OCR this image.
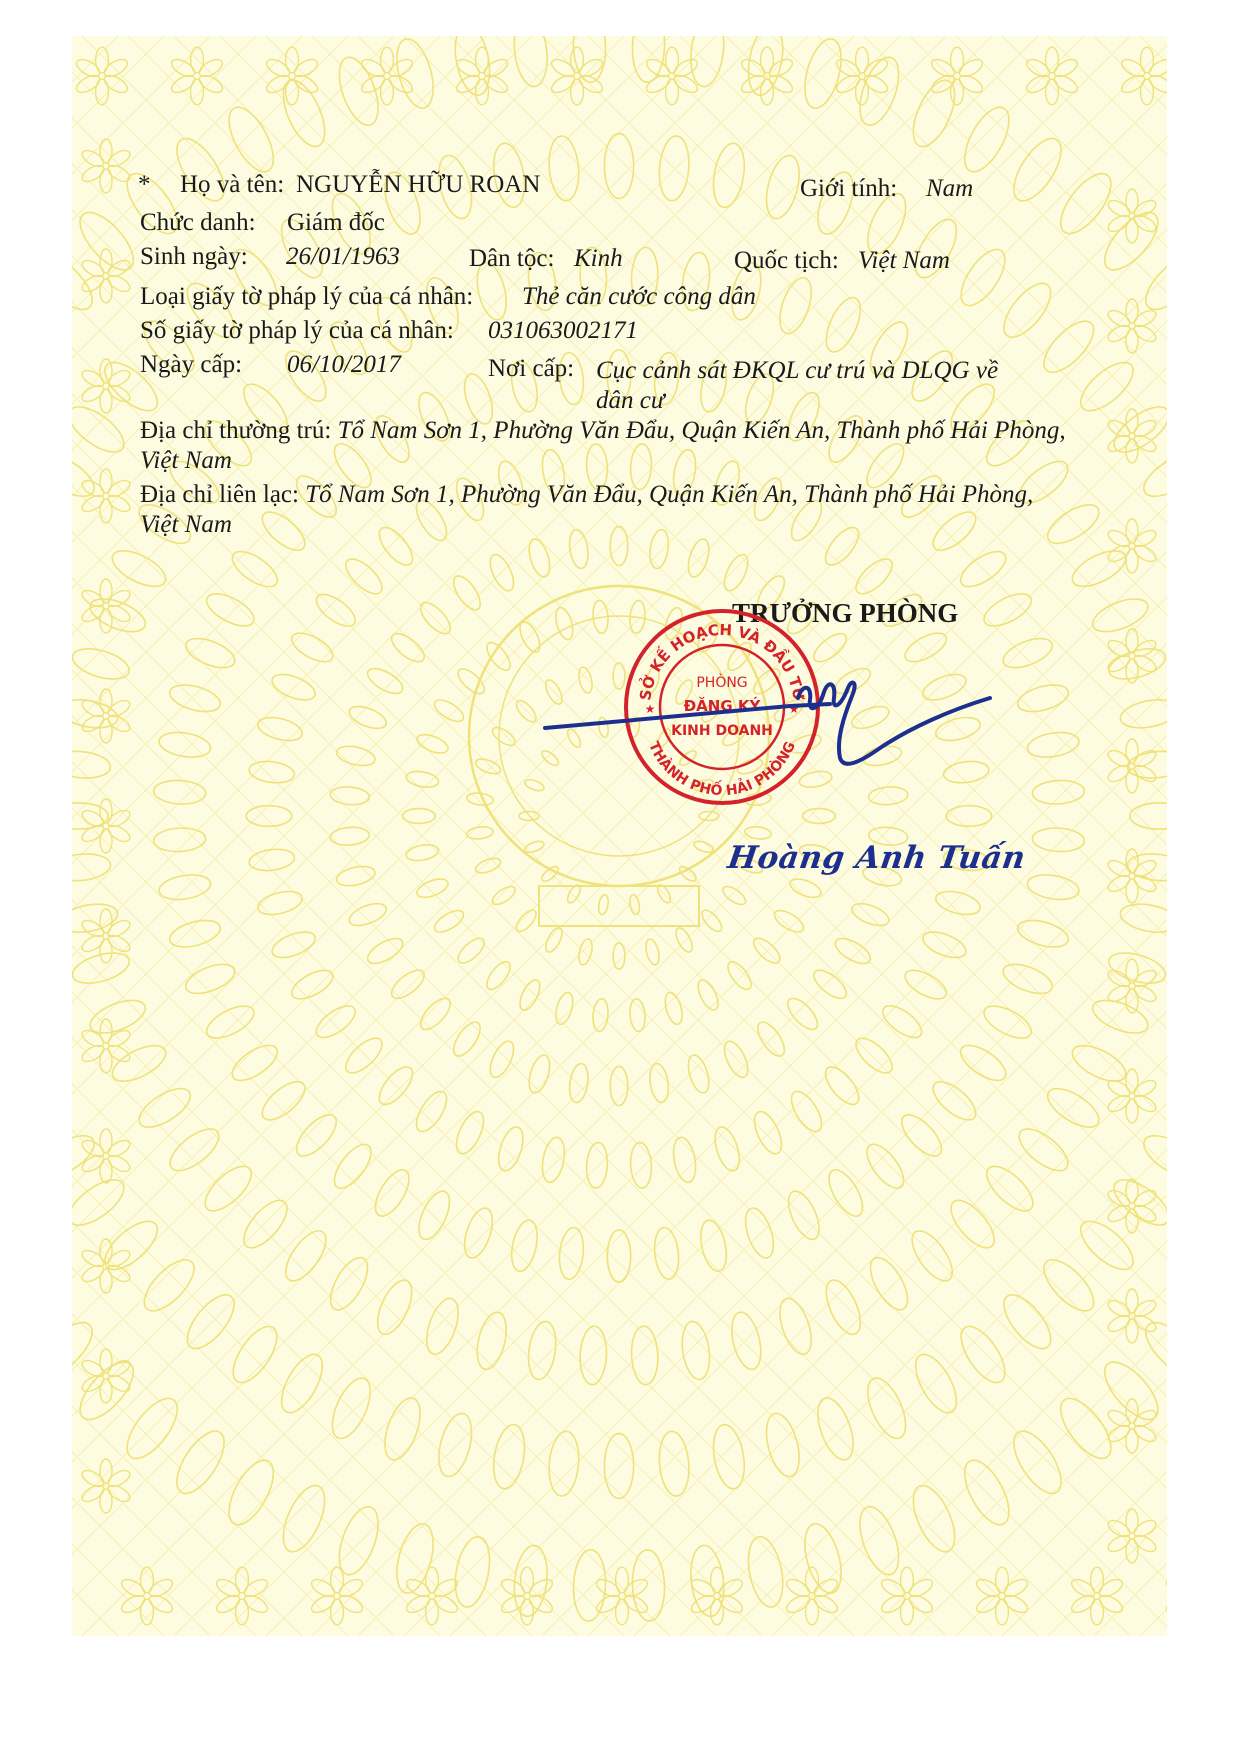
* Họ và tên: NGUYỄN HỮU ROAN	Giới tính: Nam
Chức danh: Giám đốc
Sinh ngày: 26/01/1963	Dân tộc: Kinh	Quốc tịch: Việt Nam
Loại giấy tờ pháp lý của cá nhân: Thẻ căn cước công dân
Số giấy tờ pháp lý của cá nhân: 031063002171
Ngày cấp: 06/10/2017	Nơi cấp: Cục cảnh sát ĐKQL cư trú và DLQG về dân cư
Địa chỉ thường trú: Tổ Nam Sơn 1, Phường Văn Đẩu, Quận Kiến An, Thành phố Hải Phòng, Việt Nam
Địa chỉ liên lạc: Tổ Nam Sơn 1, Phường Văn Đẩu, Quận Kiến An, Thành phố Hải Phòng, Việt Nam
TRƯỞNG PHÒNG
SỞ KẾ HOẠCH VÀ ĐẦU TƯ
THÀNH PHỐ HẢI PHÒNG
PHÒNG
ĐĂNG KÝ
KINH DOANH
★	★
Hoàng Anh Tuấn
